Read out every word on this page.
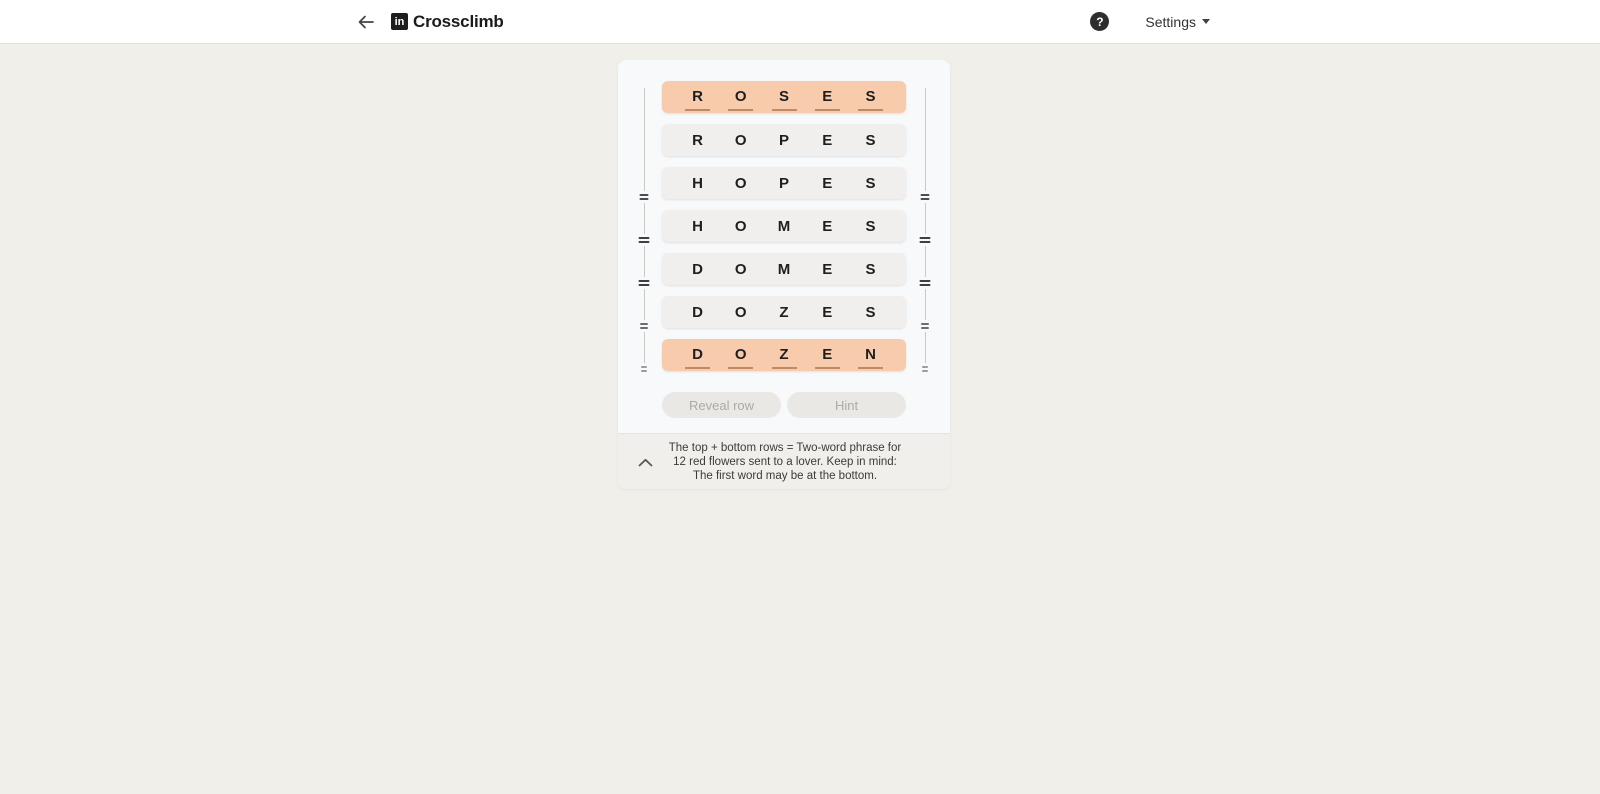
in Crossclimb	?	Settings
R	O	S	E	S
R	O	P	E	S
H	O	P	E	S
H	O	M	E	S
D	O	M	E	S
D	O	Z	E	S
D	O	Z	E	N
Reveal row	Hint
The top + bottom rows = Two-word phrase for 12 red flowers sent to a lover. Keep in mind: The first word may be at the bottom.
